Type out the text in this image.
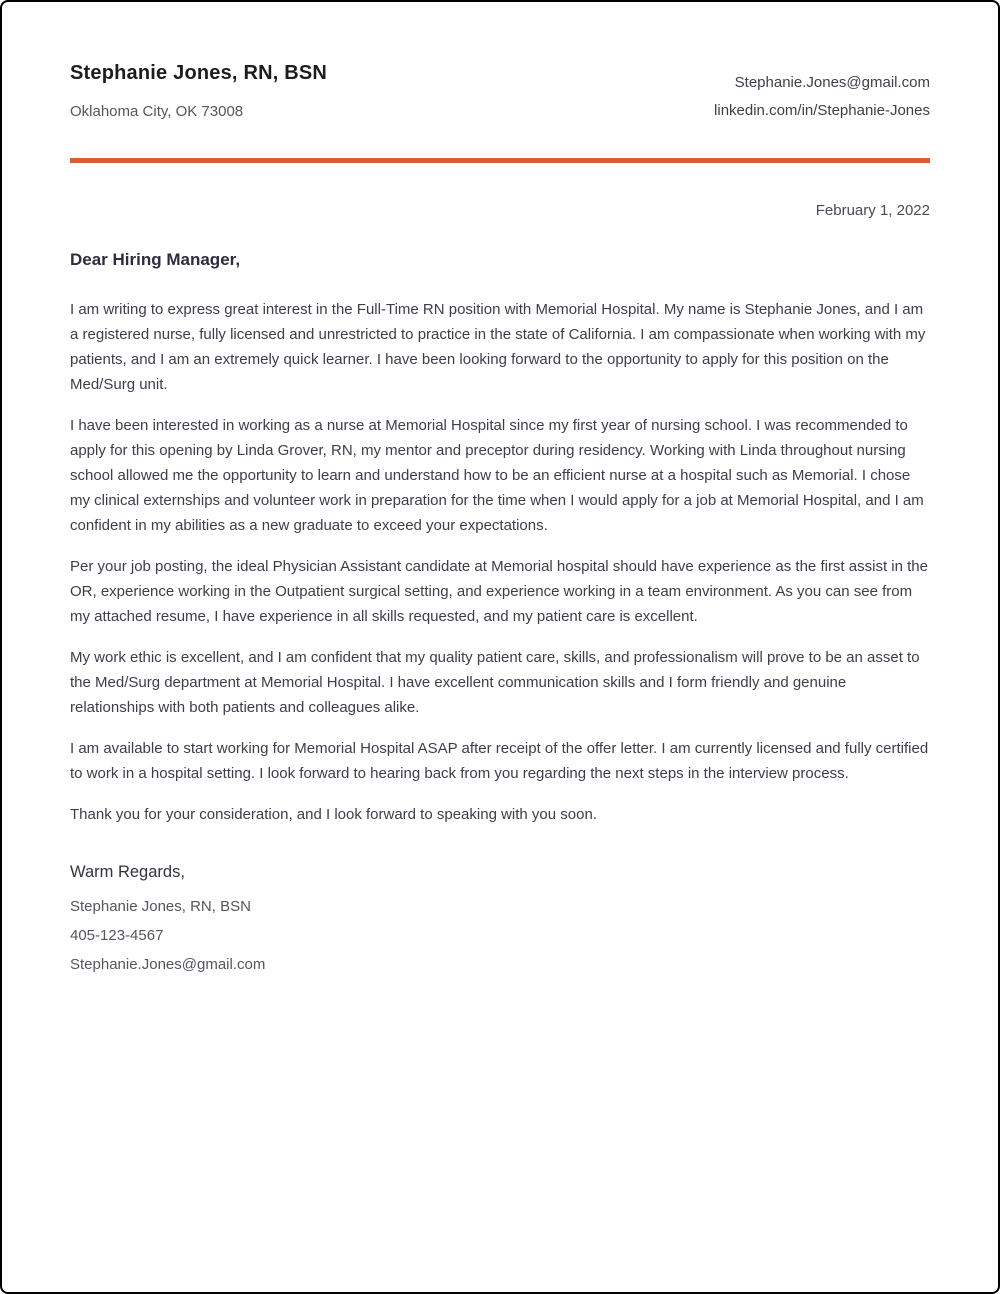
Stephanie Jones, RN, BSN
Oklahoma City, OK 73008
Stephanie.Jones@gmail.com
linkedin.com/in/Stephanie-Jones
February 1, 2022
Dear Hiring Manager,

I am writing to express great interest in the Full-Time RN position with Memorial Hospital. My name is Stephanie Jones, and I am a registered nurse, fully licensed and unrestricted to practice in the state of California. I am compassionate when working with my patients, and I am an extremely quick learner. I have been looking forward to the opportunity to apply for this position on the Med/Surg unit.

I have been interested in working as a nurse at Memorial Hospital since my first year of nursing school. I was recommended to apply for this opening by Linda Grover, RN, my mentor and preceptor during residency. Working with Linda throughout nursing school allowed me the opportunity to learn and understand how to be an efficient nurse at a hospital such as Memorial. I chose my clinical externships and volunteer work in preparation for the time when I would apply for a job at Memorial Hospital, and I am confident in my abilities as a new graduate to exceed your expectations.

Per your job posting, the ideal Physician Assistant candidate at Memorial hospital should have experience as the first assist in the OR, experience working in the Outpatient surgical setting, and experience working in a team environment. As you can see from my attached resume, I have experience in all skills requested, and my patient care is excellent.

My work ethic is excellent, and I am confident that my quality patient care, skills, and professionalism will prove to be an asset to the Med/Surg department at Memorial Hospital. I have excellent communication skills and I form friendly and genuine relationships with both patients and colleagues alike.

I am available to start working for Memorial Hospital ASAP after receipt of the offer letter. I am currently licensed and fully certified to work in a hospital setting. I look forward to hearing back from you regarding the next steps in the interview process.

Thank you for your consideration, and I look forward to speaking with you soon.

Warm Regards,
Stephanie Jones, RN, BSN
405-123-4567
Stephanie.Jones@gmail.com
